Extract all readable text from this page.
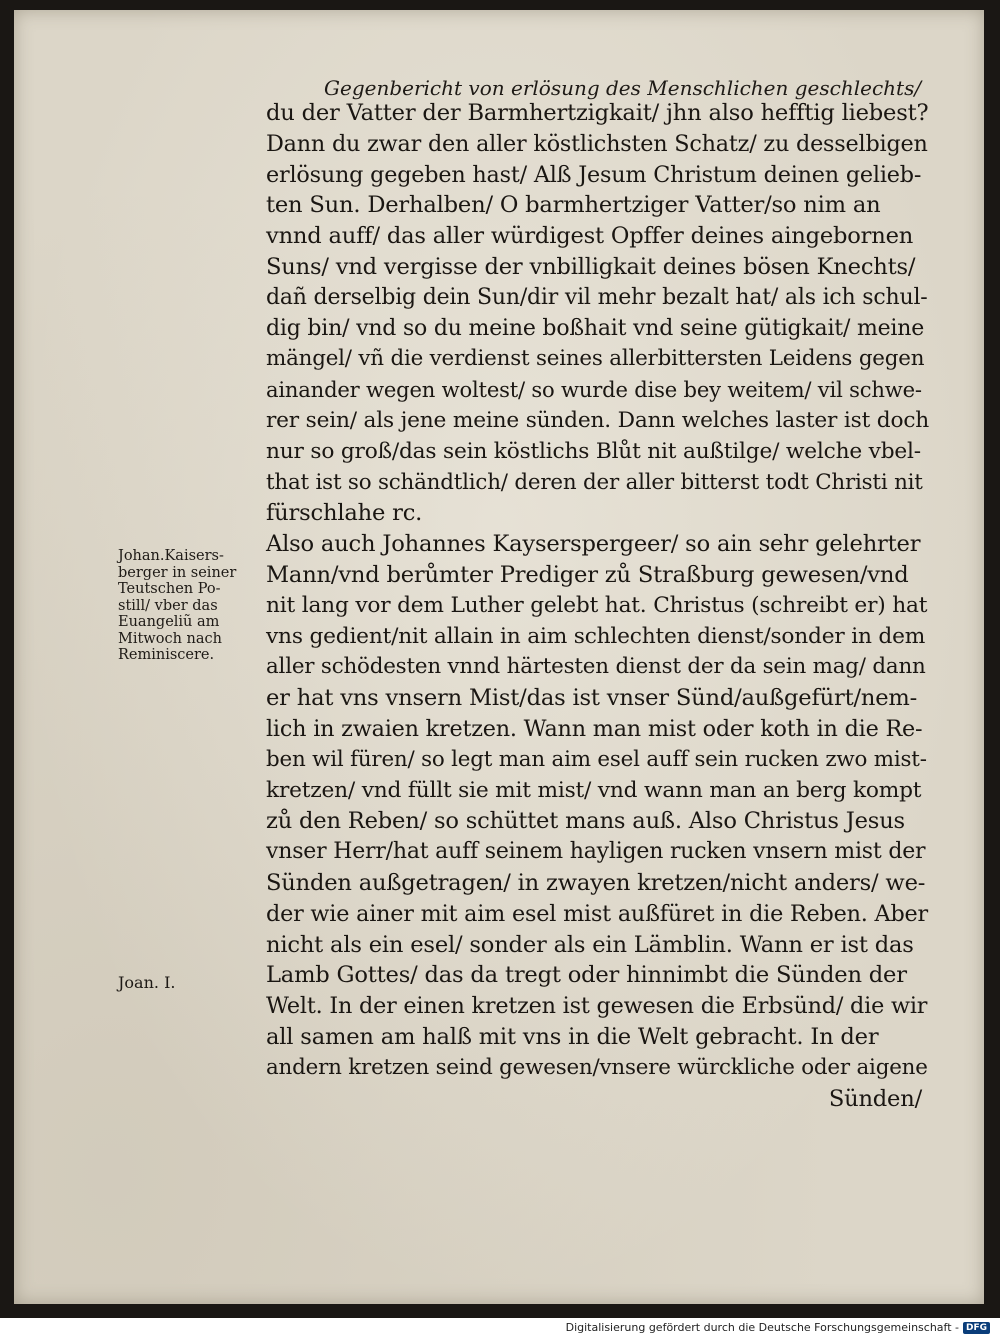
Gegenbericht von erlösung des Menschlichen geschlechts/
du der Vatter der Barmhertzigkait/ jhn also hefftig liebest?
Dann du zwar den aller köstlichsten Schatz/ zu desselbigen
erlösung gegeben hast/ Alß Jesum Christum deinen gelieb-
ten Sun. Derhalben/ O barmhertziger Vatter/so nim an
vnnd auff/ das aller würdigest Opffer deines aingebornen
Suns/ vnd vergisse der vnbilligkait deines bösen Knechts/
dañ derselbig dein Sun/dir vil mehr bezalt hat/ als ich schul-
dig bin/ vnd so du meine boßhait vnd seine gütigkait/ meine
mängel/ vñ die verdienst seines allerbittersten Leidens gegen
ainander wegen woltest/ so wurde dise bey weitem/ vil schwe-
rer sein/ als jene meine sünden. Dann welches laster ist doch
nur so groß/das sein köstlichs Blůt nit außtilge/ welche vbel-
that ist so schändtlich/ deren der aller bitterst todt Christi nit
fürschlahe rc.
Also auch Johannes Kayserspergeer/ so ain sehr gelehrter
Mann/vnd berůmter Prediger zů Straßburg gewesen/vnd
nit lang vor dem Luther gelebt hat. Christus (schreibt er) hat
vns gedient/nit allain in aim schlechten dienst/sonder in dem
aller schödesten vnnd härtesten dienst der da sein mag/ dann
er hat vns vnsern Mist/das ist vnser Sünd/außgefürt/nem-
lich in zwaien kretzen. Wann man mist oder koth in die Re-
ben wil füren/ so legt man aim esel auff sein rucken zwo mist-
kretzen/ vnd füllt sie mit mist/ vnd wann man an berg kompt
zů den Reben/ so schüttet mans auß. Also Christus Jesus
vnser Herr/hat auff seinem hayligen rucken vnsern mist der
Sünden außgetragen/ in zwayen kretzen/nicht anders/ we-
der wie ainer mit aim esel mist außfüret in die Reben. Aber
nicht als ein esel/ sonder als ein Lämblin. Wann er ist das
Lamb Gottes/ das da tregt oder hinnimbt die Sünden der
Welt. In der einen kretzen ist gewesen die Erbsünd/ die wir
all samen am halß mit vns in die Welt gebracht. In der
andern kretzen seind gewesen/vnsere würckliche oder aigene
Sünden/
Johan.Kaisers-
berger in seiner
Teutschen Po-
still/ vber das
Euangeliũ am
Mitwoch nach
Reminiscere.
Joan. I.
Digitalisierung gefördert durch die Deutsche Forschungsgemeinschaft - DFG
